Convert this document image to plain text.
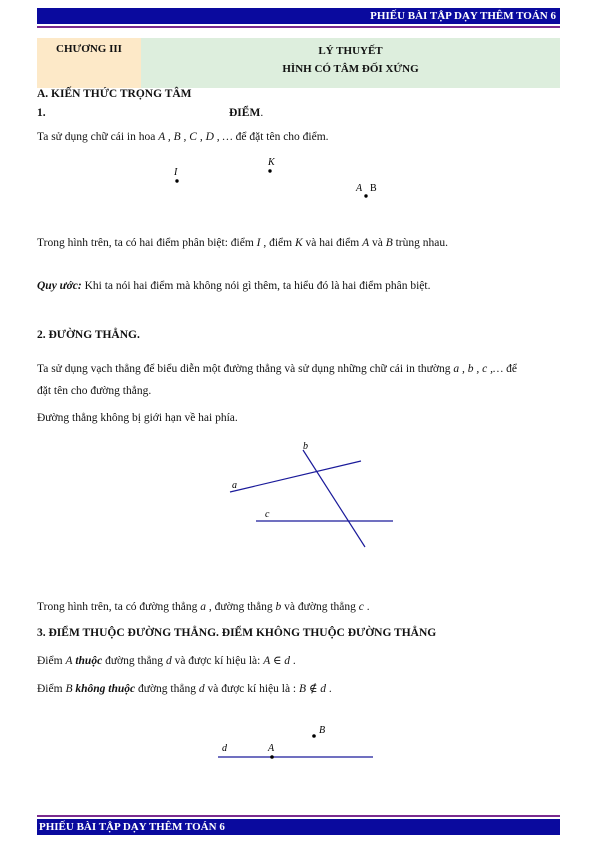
PHIẾU BÀI TẬP DẠY THÊM TOÁN 6
CHƯƠNG III	LÝ THUYẾT
HÌNH CÓ TÂM ĐỐI XỨNG
A. KIẾN THỨC TRỌNG TÂM
1.	ĐIỂM.
Ta sử dụng chữ cái in hoa A , B , C , D , … để đặt tên cho điểm.
I
K
A B
Trong hình trên, ta có hai điểm phân biệt: điểm I , điểm K và hai điểm A và B trùng nhau.
Quy ước: Khi ta nói hai điểm mà không nói gì thêm, ta hiểu đó là hai điểm phân biệt.
2. ĐƯỜNG THẲNG.
Ta sử dụng vạch thẳng để biểu diễn một đường thẳng và sử dụng những chữ cái in thường a , b , c ,… để
đặt tên cho đường thẳng.
Đường thẳng không bị giới hạn về hai phía.
a
b
c
Trong hình trên, ta có đường thẳng a , đường thẳng b và đường thẳng c .
3. ĐIỂM THUỘC ĐƯỜNG THẲNG. ĐIỂM KHÔNG THUỘC ĐƯỜNG THẲNG
Điểm A thuộc đường thẳng d và được kí hiệu là: A ∈ d .
Điểm B không thuộc đường thẳng d và được kí hiệu là : B ∉ d .
d	A
B
PHIẾU BÀI TẬP DẠY THÊM TOÁN 6
